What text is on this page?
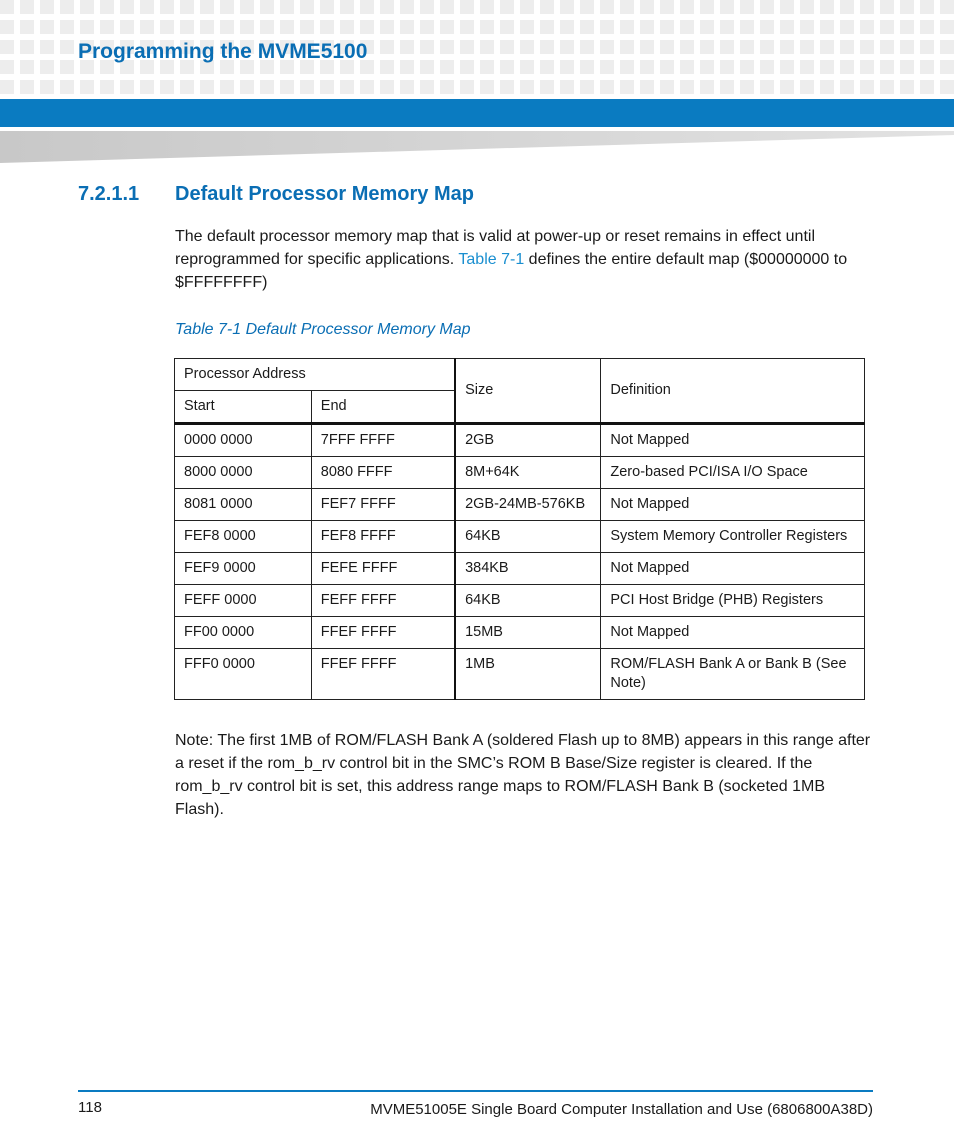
Programming the MVME5100
7.2.1.1 Default Processor Memory Map
The default processor memory map that is valid at power-up or reset remains in effect until reprogrammed for specific applications. Table 7-1 defines the entire default map ($00000000 to $FFFFFFFF)
Table 7-1 Default Processor Memory Map
Processor Address		Size	Definition
Start	End		
0000 0000	7FFF FFFF	2GB	Not Mapped
8000 0000	8080 FFFF	8M+64K	Zero-based PCI/ISA I/O Space
8081 0000	FEF7 FFFF	2GB-24MB-576KB	Not Mapped
FEF8 0000	FEF8 FFFF	64KB	System Memory Controller Registers
FEF9 0000	FEFE FFFF	384KB	Not Mapped
FEFF 0000	FEFF FFFF	64KB	PCI Host Bridge (PHB) Registers
FF00 0000	FFEF FFFF	15MB	Not Mapped
FFF0 0000	FFEF FFFF	1MB	ROM/FLASH Bank A or Bank B (See Note)
Note: The first 1MB of ROM/FLASH Bank A (soldered Flash up to 8MB) appears in this range after a reset if the rom_b_rv control bit in the SMC’s ROM B Base/Size register is cleared. If the rom_b_rv control bit is set, this address range maps to ROM/FLASH Bank B (socketed 1MB Flash).
118	MVME51005E Single Board Computer Installation and Use (6806800A38D)
